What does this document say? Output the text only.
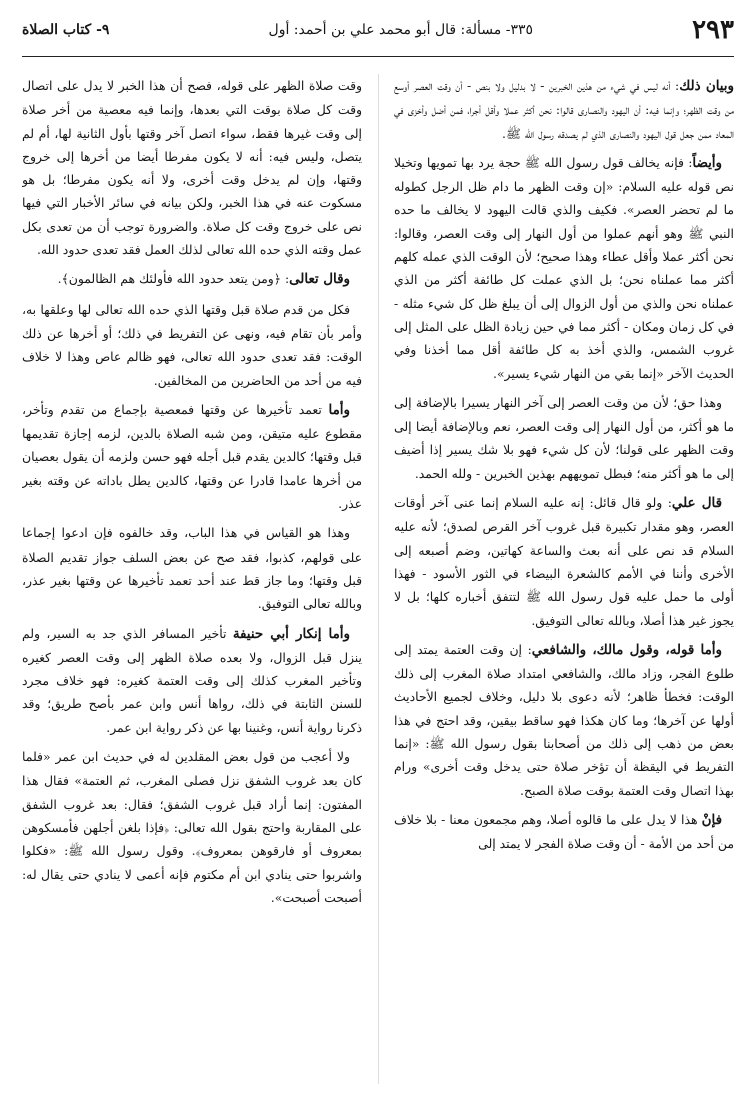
٢٩٣
٣٣٥- مسألة: قال أبو محمد علي بن أحمد: أول
٩- كتاب الصلاة

وبيان ذلك: أنه ليس في شيء من هذين الخبرين - لا بدليل ولا بنص - أن وقت العصر أوسع من وقت الظهر؛ وإنما فيه: أن اليهود والنصارى قالوا: نحن أكثر عملا وأقل أجرا، فمن أضل وأخزى في المعاد ممن جعل قول اليهود والنصارى الذي لم يصدقه رسول الله ﷺ.

وأيضاً: فإنه يخالف قول رسول الله ﷺ حجة يرد بها تمويها وتخيلا نص قوله عليه السلام: «إن وقت الظهر ما دام ظل الرجل كطوله ما لم تحضر العصر». فكيف والذي قالت اليهود لا يخالف ما حده النبي ﷺ وهو أنهم عملوا من أول النهار إلى وقت العصر، وقالوا: نحن أكثر عملا وأقل عطاء وهذا صحيح؛ لأن الوقت الذي عمله كلهم أكثر مما عملناه نحن؛ بل الذي عملت كل طائفة أكثر من الذي عملناه نحن والذي من أول الزوال إلى أن يبلغ ظل كل شيء مثله - في كل زمان ومكان - أكثر مما في حين زيادة الظل على المثل إلى غروب الشمس، والذي أخذ به كل طائفة أقل مما أخذنا وفي الحديث الآخر «إنما بقي من النهار شيء يسير».

وهذا حق؛ لأن من وقت العصر إلى آخر النهار يسيرا بالإضافة إلى ما هو أكثر، من أول النهار إلى وقت العصر، نعم وبالإضافة أيضا إلى وقت الظهر على قولنا؛ لأن كل شيء فهو بلا شك يسير إذا أضيف إلى ما هو أكثر منه؛ فبطل تمويههم بهذين الخبرين - ولله الحمد.

قال علي: ولو قال قائل: إنه عليه السلام إنما عنى آخر أوقات العصر، وهو مقدار تكبيرة قبل غروب آخر القرص لصدق؛ لأنه عليه السلام قد نص على أنه بعث والساعة كهاتين، وضم أصبعه إلى الأخرى وأننا في الأمم كالشعرة البيضاء في الثور الأسود - فهذا أولى ما حمل عليه قول رسول الله ﷺ لتتفق أخباره كلها؛ بل لا يجوز غير هذا أصلا، وبالله تعالى التوفيق.

وأما قوله، وقول مالك، والشافعي: إن وقت العتمة يمتد إلى طلوع الفجر، وزاد مالك، والشافعي امتداد صلاة المغرب إلى ذلك الوقت: فخطأ ظاهر؛ لأنه دعوى بلا دليل، وخلاف لجميع الأحاديث أولها عن آخرها؛ وما كان هكذا فهو ساقط بيقين، وقد احتج في هذا بعض من ذهب إلى ذلك من أصحابنا بقول رسول الله ﷺ: «إنما التفريط في اليقظة أن تؤخر صلاة حتى يدخل وقت أخرى» ورام بهذا اتصال وقت العتمة بوقت صلاة الصبح.

فإنْ هذا لا يدل على ما قالوه أصلا، وهم مجمعون معنا - بلا خلاف من أحد من الأمة - أن وقت صلاة الفجر لا يمتد إلى

وقت صلاة الظهر على قوله، فصح أن هذا الخبر لا يدل على اتصال وقت كل صلاة بوقت التي بعدها، وإنما فيه معصية من أخر صلاة إلى وقت غيرها فقط، سواء اتصل آخر وقتها بأول الثانية لها، أم لم يتصل، وليس فيه: أنه لا يكون مفرطا أيضا من أخرها إلى خروج وقتها، وإن لم يدخل وقت أخرى، ولا أنه يكون مفرطا؛ بل هو مسكوت عنه في هذا الخبر، ولكن بيانه في سائر الأخبار التي فيها نص على خروج وقت كل صلاة. والضرورة توجب أن من تعدى بكل عمل وقته الذي حده الله تعالى لذلك العمل فقد تعدى حدود الله.

وقال تعالى: ﴿ومن يتعد حدود الله فأولئك هم الظالمون﴾.

فكل من قدم صلاة قبل وقتها الذي حده الله تعالى لها وعلقها به، وأمر بأن تقام فيه، ونهى عن التفريط في ذلك؛ أو أخرها عن ذلك الوقت: فقد تعدى حدود الله تعالى، فهو ظالم عاص وهذا لا خلاف فيه من أحد من الحاضرين من المخالفين.

وأما تعمد تأخيرها عن وقتها فمعصية بإجماع من تقدم وتأخر، مقطوع عليه متيقن، ومن شبه الصلاة بالدين، لزمه إجازة تقديمها قبل وقتها؛ كالدين يقدم قبل أجله فهو حسن ولزمه أن يقول بعصيان من أخرها عامدا قادرا عن وقتها، كالدين يطل باداته عن وقته بغير عذر.

وهذا هو القياس في هذا الباب، وقد خالفوه فإن ادعوا إجماعا على قولهم، كذبوا، فقد صح عن بعض السلف جواز تقديم الصلاة قبل وقتها؛ وما جاز قط عند أحد تعمد تأخيرها عن وقتها بغير عذر، وبالله تعالى التوفيق.

وأما إنكار أبي حنيفة تأخير المسافر الذي جد به السير، ولم ينزل قبل الزوال، ولا بعده صلاة الظهر إلى وقت العصر كغيره وتأخير المغرب كذلك إلى وقت العتمة كغيره: فهو خلاف مجرد للسنن الثابتة في ذلك، رواها أنس وابن عمر بأصح طريق؛ وقد ذكرنا رواية أنس، وغنينا بها عن ذكر رواية ابن عمر.

ولا أعجب من قول بعض المقلدين له في حديث ابن عمر «فلما كان بعد غروب الشفق نزل فصلى المغرب، ثم العتمة» فقال هذا المفتون: إنما أراد قبل غروب الشفق؛ فقال: بعد غروب الشفق على المقاربة واحتج بقول الله تعالى: ﴿فإذا بلغن أجلهن فأمسكوهن بمعروف أو فارقوهن بمعروف﴾. وقول رسول الله ﷺ: «فكلوا واشربوا حتى ينادي ابن أم مكتوم فإنه أعمى لا ينادي حتى يقال له: أصبحت أصبحت».
